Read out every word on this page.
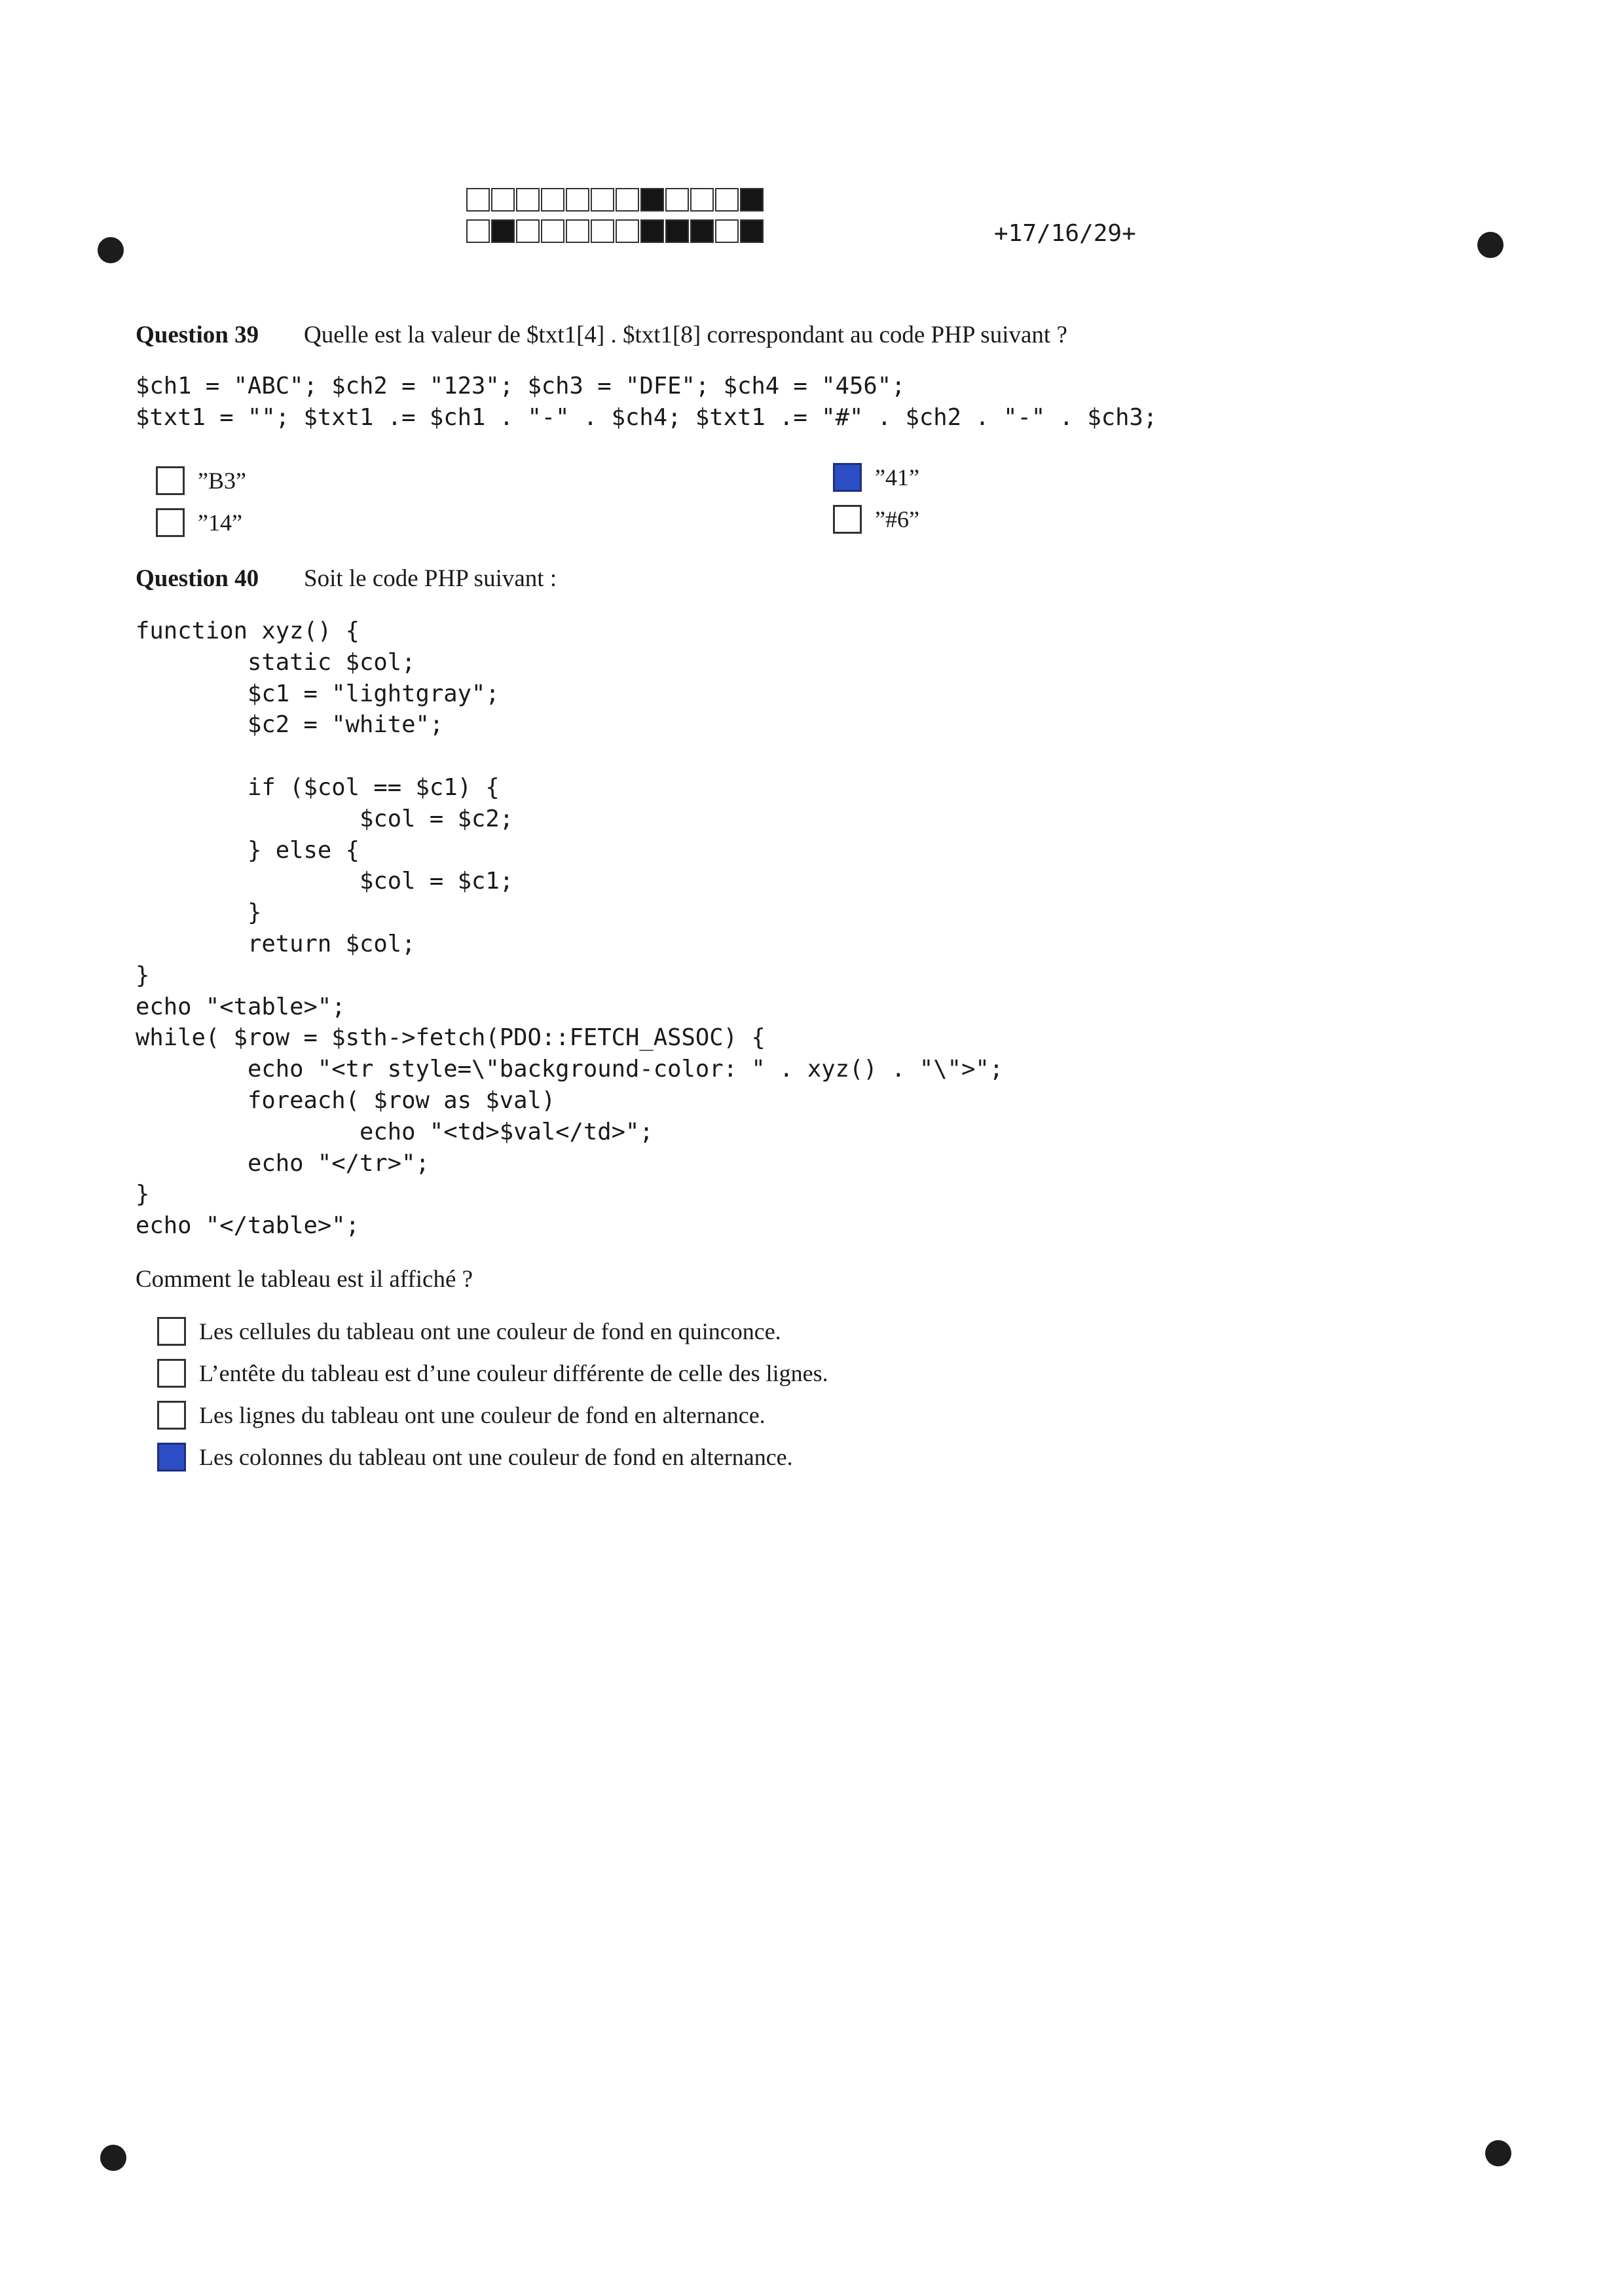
+17/16/29+
Question 39 Quelle est la valeur de $txt1[4] . $txt1[8] correspondant au code PHP suivant ?
$ch1 = "ABC"; $ch2 = "123"; $ch3 = "DFE"; $ch4 = "456";
$txt1 = ""; $txt1 .= $ch1 . "-" . $ch4; $txt1 .= "#" . $ch2 . "-" . $ch3;
”B3”
”14”
”41”
”#6”
Question 40 Soit le code PHP suivant :
function xyz() {
static $col;
$c1 = "lightgray";
$c2 = "white";

if ($col == $c1) {
$col = $c2;
} else {
$col = $c1;
}
return $col;
}
echo "<table>";
while( $row = $sth->fetch(PDO::FETCH_ASSOC) {
echo "<tr style=\"background-color: " . xyz() . "\">";
foreach( $row as $val)
echo "<td>$val</td>";
echo "</tr>";
}
echo "</table>";
Comment le tableau est il affiché ?
Les cellules du tableau ont une couleur de fond en quinconce.
L’entête du tableau est d’une couleur différente de celle des lignes.
Les lignes du tableau ont une couleur de fond en alternance.
Les colonnes du tableau ont une couleur de fond en alternance.
